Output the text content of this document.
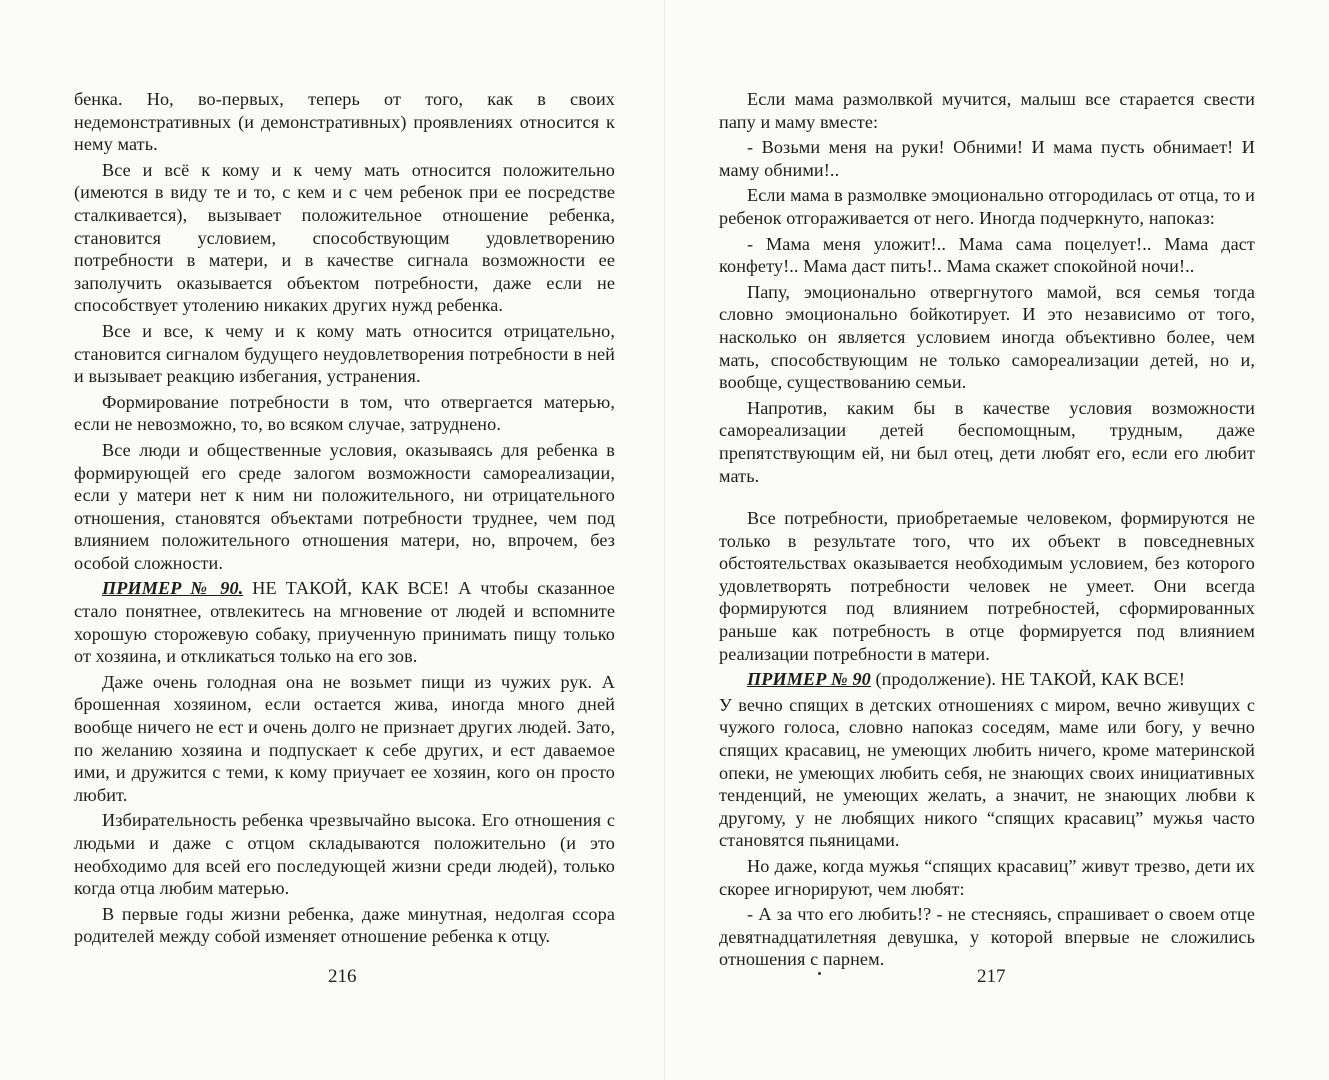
бенка. Но, во-первых, теперь от того, как в своих недемонстративных (и демонстративных) проявлениях относится к нему мать.

Все и всё к кому и к чему мать относится положительно (имеются в виду те и то, с кем и с чем ребенок при ее посредстве сталкивается), вызывает положительное отношение ребенка, становится условием, способствующим удовлетворению потребности в матери, и в качестве сигнала возможности ее заполучить оказывается объектом потребности, даже если не способствует утолению никаких других нужд ребенка.

Все и все, к чему и к кому мать относится отрицательно, становится сигналом будущего неудовлетворения потребности в ней и вызывает реакцию избегания, устранения.

Формирование потребности в том, что отвергается матерью, если не невозможно, то, во всяком случае, затруднено.

Все люди и общественные условия, оказываясь для ребенка в формирующей его среде залогом возможности самореализации, если у матери нет к ним ни положительного, ни отрицательного отношения, становятся объектами потребности труднее, чем под влиянием положительного отношения матери, но, впрочем, без особой сложности.

ПРИМЕР № 90. НЕ ТАКОЙ, КАК ВСЕ! А чтобы сказанное стало понятнее, отвлекитесь на мгновение от людей и вспомните хорошую сторожевую собаку, приученную принимать пищу только от хозяина, и откликаться только на его зов.

Даже очень голодная она не возьмет пищи из чужих рук. А брошенная хозяином, если остается жива, иногда много дней вообще ничего не ест и очень долго не признает других людей. Зато, по желанию хозяина и подпускает к себе других, и ест даваемое ими, и дружится с теми, к кому приучает ее хозяин, кого он просто любит.

Избирательность ребенка чрезвычайно высока. Его отношения с людьми и даже с отцом складываются положительно (и это необходимо для всей его последующей жизни среди людей), только когда отца любим матерью.

В первые годы жизни ребенка, даже минутная, недолгая ссора родителей между собой изменяет отношение ребенка к отцу.

216

Если мама размолвкой мучится, малыш все старается свести папу и маму вместе:

- Возьми меня на руки! Обними! И мама пусть обнимает! И маму обними!..

Если мама в размолвке эмоционально отгородилась от отца, то и ребенок отгораживается от него. Иногда подчеркнуто, напоказ:

- Мама меня уложит!.. Мама сама поцелует!.. Мама даст конфету!.. Мама даст пить!.. Мама скажет спокойной ночи!..

Папу, эмоционально отвергнутого мамой, вся семья тогда словно эмоционально бойкотирует. И это независимо от того, насколько он является условием иногда объективно более, чем мать, способствующим не только самореализации детей, но и, вообще, существованию семьи.

Напротив, каким бы в качестве условия возможности самореализации детей беспомощным, трудным, даже препятствующим ей, ни был отец, дети любят его, если его любит мать.

Все потребности, приобретаемые человеком, формируются не только в результате того, что их объект в повседневных обстоятельствах оказывается необходимым условием, без которого удовлетворять потребности человек не умеет. Они всегда формируются под влиянием потребностей, сформированных раньше как потребность в отце формируется под влиянием реализации потребности в матери.

ПРИМЕР № 90 (продолжение). НЕ ТАКОЙ, КАК ВСЕ!

У вечно спящих в детских отношениях с миром, вечно живущих с чужого голоса, словно напоказ соседям, маме или богу, у вечно спящих красавиц, не умеющих любить ничего, кроме материнской опеки, не умеющих любить себя, не знающих своих инициативных тенденций, не умеющих желать, а значит, не знающих любви к другому, у не любящих никого “спящих красавиц” мужья часто становятся пьяницами.

Но даже, когда мужья “спящих красавиц” живут трезво, дети их скорее игнорируют, чем любят:

- А за что его любить!? - не стесняясь, спрашивает о своем отце девятнадцатилетняя девушка, у которой впервые не сложились отношения с парнем.

217
